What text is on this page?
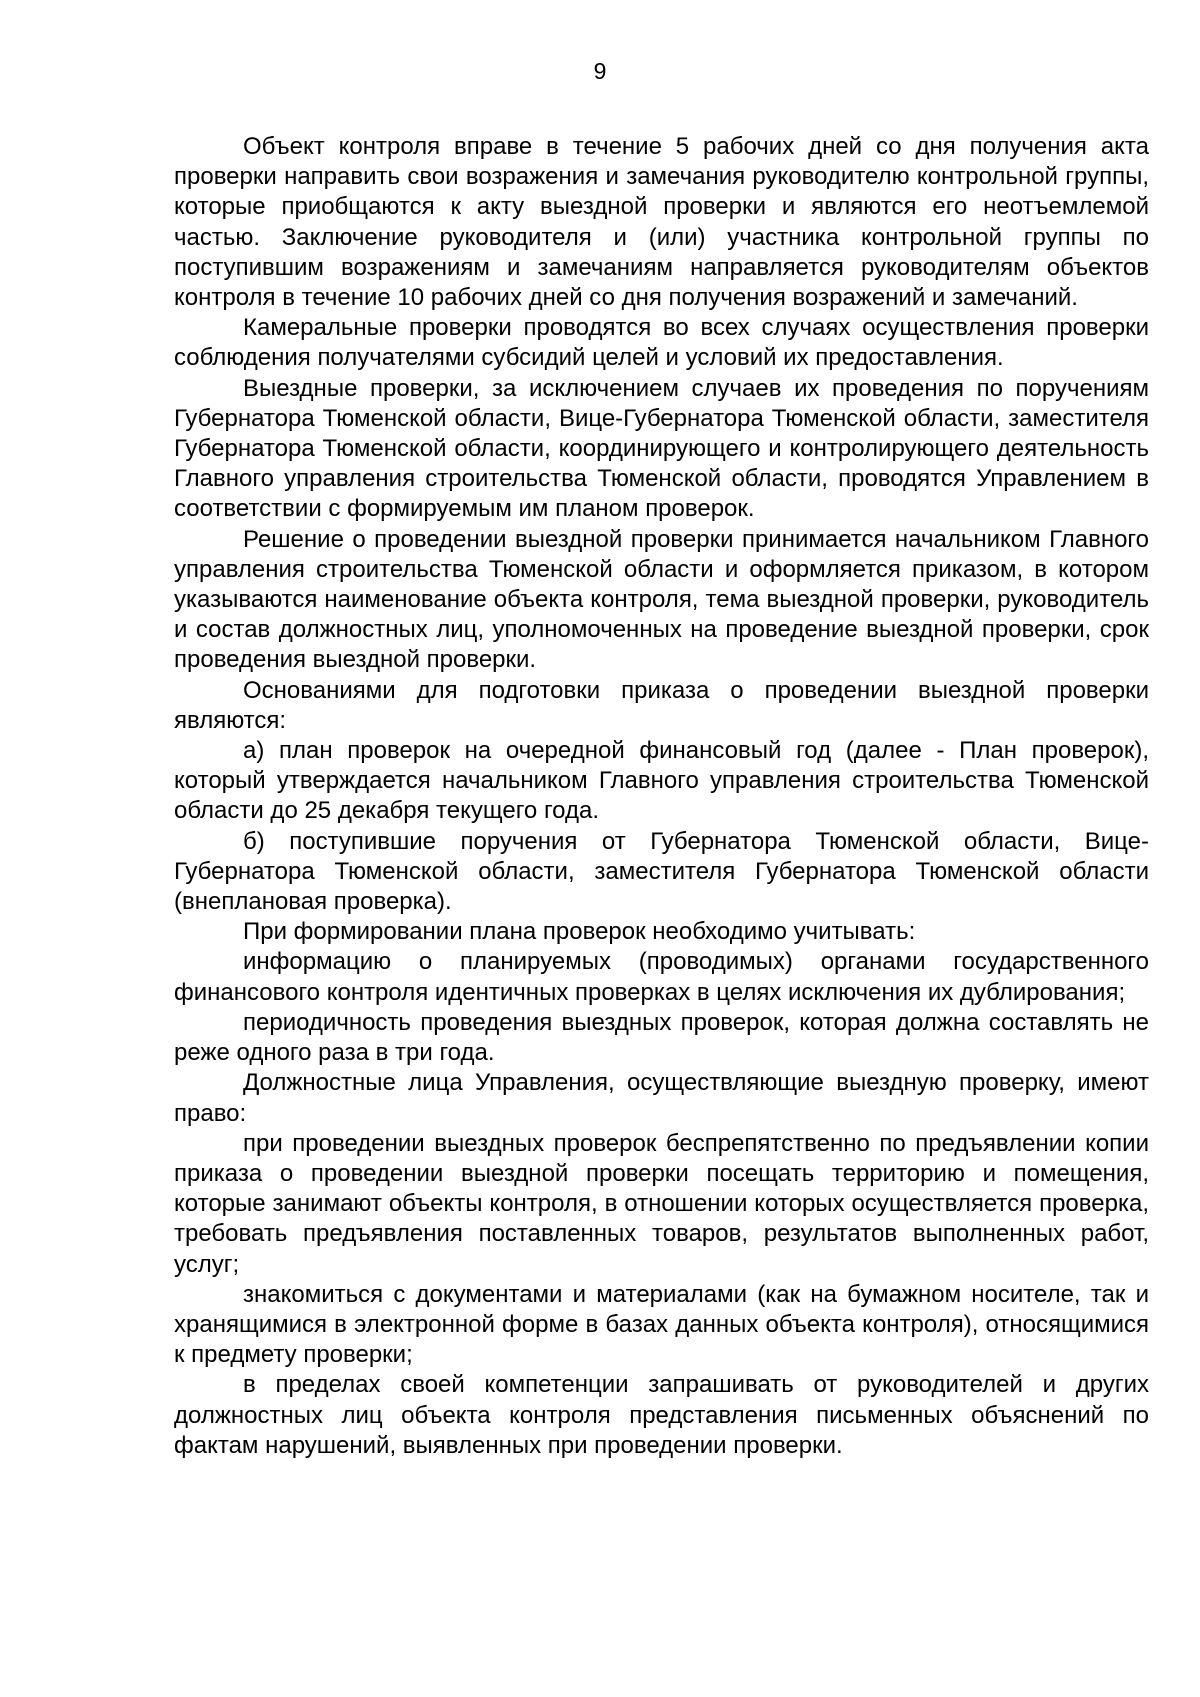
9

Объект контроля вправе в течение 5 рабочих дней со дня получения акта проверки направить свои возражения и замечания руководителю контрольной группы, которые приобщаются к акту выездной проверки и являются его неотъемлемой частью. Заключение руководителя и (или) участника контрольной группы по поступившим возражениям и замечаниям направляется руководителям объектов контроля в течение 10 рабочих дней со дня получения возражений и замечаний.

Камеральные проверки проводятся во всех случаях осуществления проверки соблюдения получателями субсидий целей и условий их предоставления.

Выездные проверки, за исключением случаев их проведения по поручениям Губернатора Тюменской области, Вице-Губернатора Тюменской области, заместителя Губернатора Тюменской области, координирующего и контролирующего деятельность Главного управления строительства Тюменской области, проводятся Управлением в соответствии с формируемым им планом проверок.

Решение о проведении выездной проверки принимается начальником Главного управления строительства Тюменской области и оформляется приказом, в котором указываются наименование объекта контроля, тема выездной проверки, руководитель и состав должностных лиц, уполномоченных на проведение выездной проверки, срок проведения выездной проверки.

Основаниями для подготовки приказа о проведении выездной проверки являются:

а) план проверок на очередной финансовый год (далее - План проверок), который утверждается начальником Главного управления строительства Тюменской области до 25 декабря текущего года.

б) поступившие поручения от Губернатора Тюменской области, Вице-Губернатора Тюменской области, заместителя Губернатора Тюменской области (внеплановая проверка).

При формировании плана проверок необходимо учитывать:

информацию о планируемых (проводимых) органами государственного финансового контроля идентичных проверках в целях исключения их дублирования;

периодичность проведения выездных проверок, которая должна составлять не реже одного раза в три года.

Должностные лица Управления, осуществляющие выездную проверку, имеют право:

при проведении выездных проверок беспрепятственно по предъявлении копии приказа о проведении выездной проверки посещать территорию и помещения, которые занимают объекты контроля, в отношении которых осуществляется проверка, требовать предъявления поставленных товаров, результатов выполненных работ, услуг;

знакомиться с документами и материалами (как на бумажном носителе, так и хранящимися в электронной форме в базах данных объекта контроля), относящимися к предмету проверки;

в пределах своей компетенции запрашивать от руководителей и других должностных лиц объекта контроля представления письменных объяснений по фактам нарушений, выявленных при проведении проверки.
